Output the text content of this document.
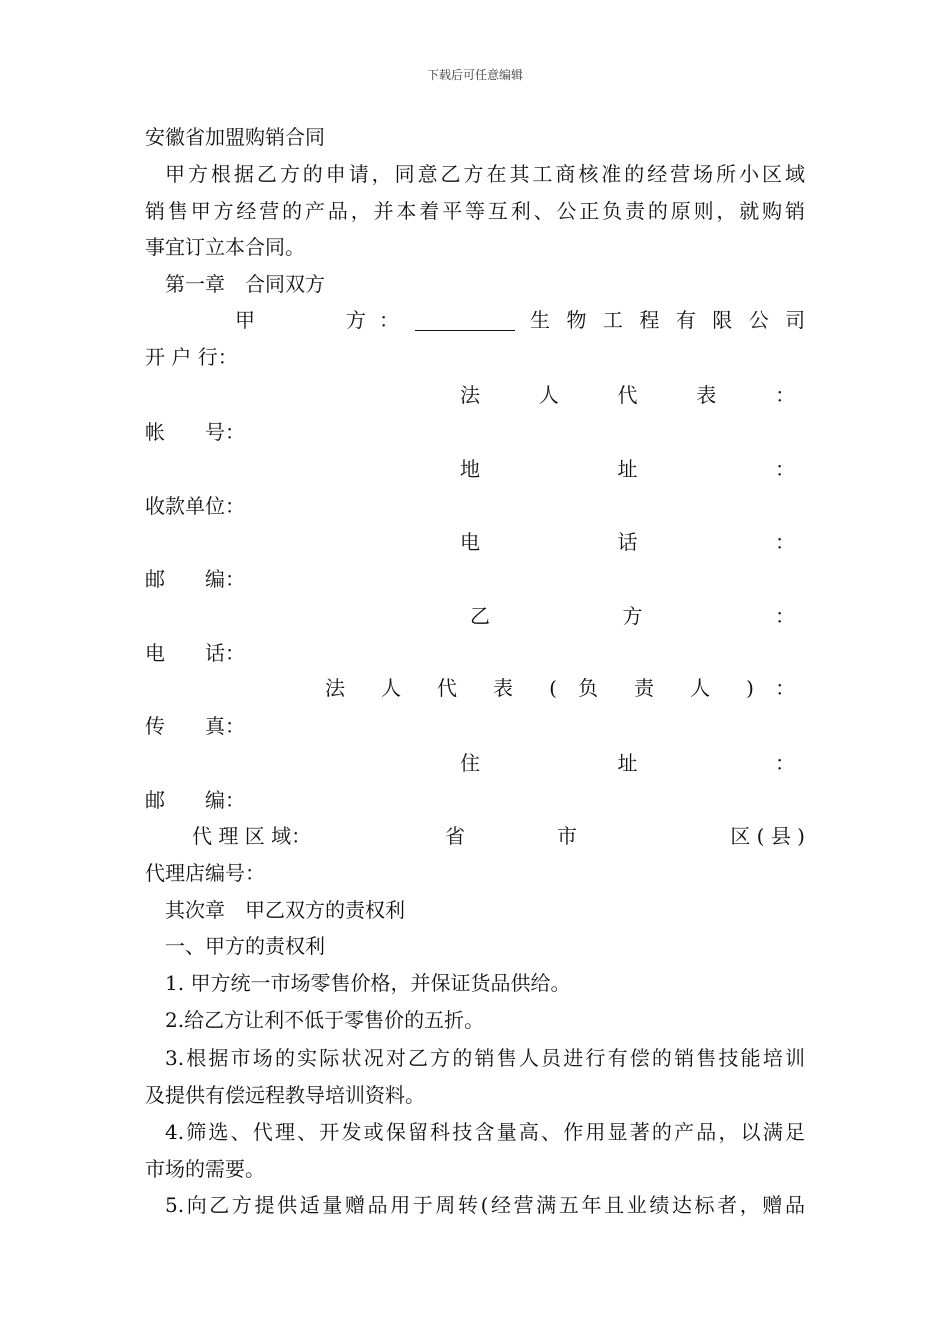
下载后可任意编辑
安徽省加盟购销合同
甲方根据乙方的申请，同意乙方在其工商核准的经营场所小区域
销售甲方经营的产品，并本着平等互利、公正负责的原则，就购销
事宜订立本合同。
第一章　合同双方
甲	方 ：	生 物 工 程 有 限 公 司
开 户 行：
法 人 代 表 ：
帐　　号：
地	址	：
收款单位：
电	话	：
邮　　编：
乙	方	：
电　　话：
法 人 代 表 ( 负 责 人 ) ：
传　　真：
住	址	：
邮　　编：
代 理 区 域：	省	市	区 ( 县 )
代理店编号：
其次章　甲乙双方的责权利
一、甲方的责权利
1. 甲方统一市场零售价格，并保证货品供给。
2.给乙方让利不低于零售价的五折。
3.根据市场的实际状况对乙方的销售人员进行有偿的销售技能培训
及提供有偿远程教导培训资料。
4.筛选、代理、开发或保留科技含量高、作用显著的产品，以满足
市场的需要。
5.向乙方提供适量赠品用于周转(经营满五年且业绩达标者，赠品
